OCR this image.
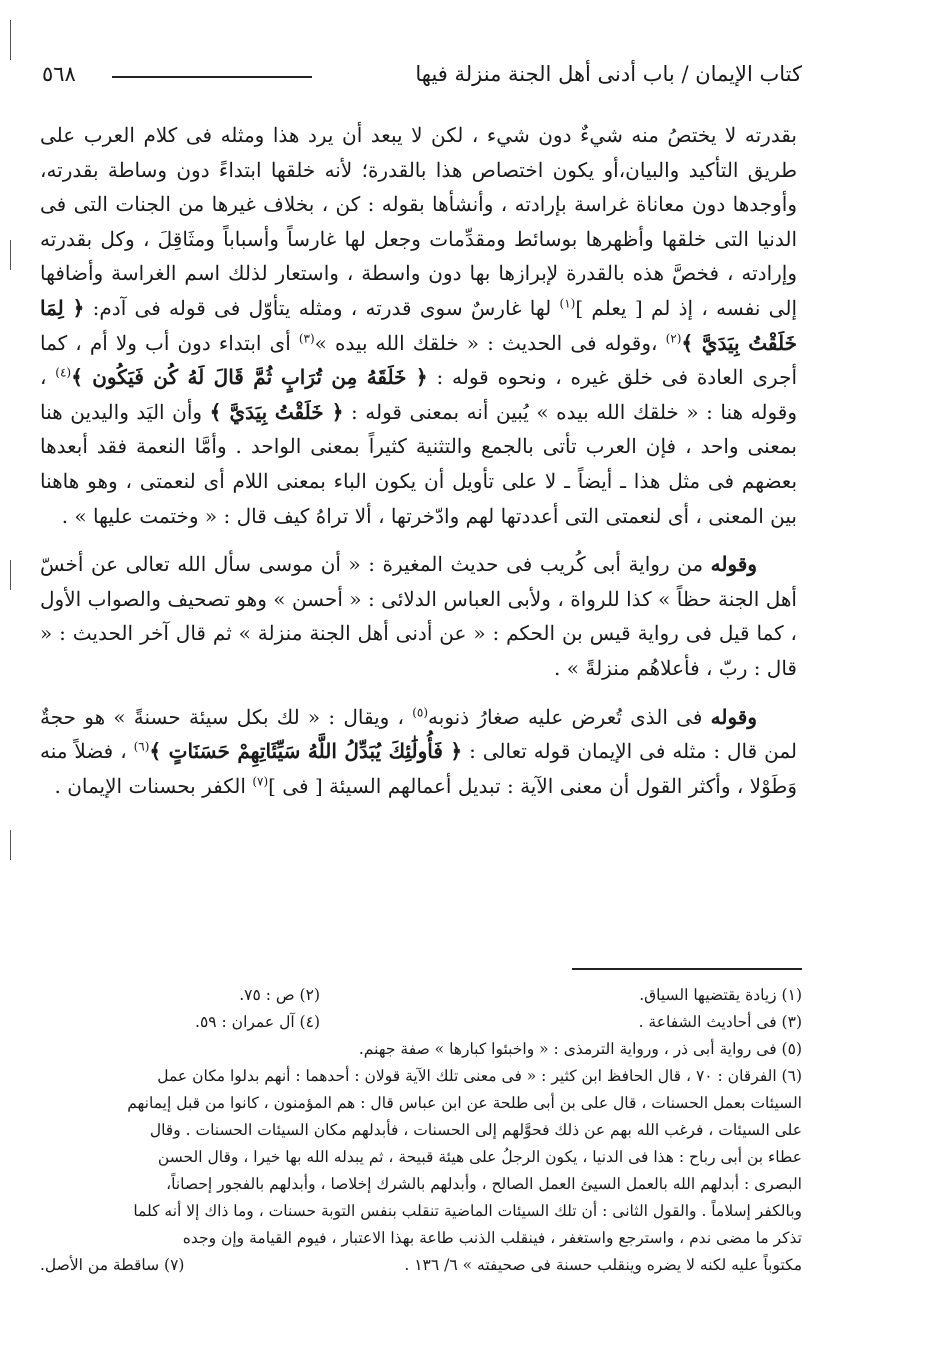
كتاب الإيمان / باب أدنى أهل الجنة منزلة فيها
٥٦٨

بقدرته لا يختصُ منه شيءٌ دون شيء ، لكن لا يبعد أن يرد هذا ومثله فى كلام العرب على طريق التأكيد والبيان،أو يكون اختصاص هذا بالقدرة؛ لأنه خلقها ابتداءً دون وساطة بقدرته، وأوجدها دون معاناة غراسة بإرادته ، وأنشأها بقوله : كن ، بخلاف غيرها من الجنات التى فى الدنيا التى خلقها وأظهرها بوسائط ومقدِّمات وجعل لها غارساً وأسباباً ومثَاقِلَ ، وكل بقدرته وإرادته ، فخصَّ هذه بالقدرة لإبرازها بها دون واسطة ، واستعار لذلك اسم الغراسة وأضافها إلى نفسه ، إذ لم [ يعلم ]$^{(١)}$ لها غارسٌ سوى قدرته ، ومثله يتأوّل فى قوله فى آدم: ﴿ لِمَا خَلَقْتُ بِيَدَيَّ ﴾$^{(٢)}$ ،وقوله فى الحديث : « خلقك الله بيده »$^{(٣)}$ أى ابتداء دون أب ولا أم ، كما أجرى العادة فى خلق غيره ، ونحوه قوله : ﴿ خَلَقَهُ مِن تُرَابٍ ثُمَّ قَالَ لَهُ كُن فَيَكُون ﴾$^{(٤)}$ ، وقوله هنا : « خلقك الله بيده » يُبين أنه بمعنى قوله : ﴿ خَلَقْتُ بِيَدَيَّ ﴾ وأن اليَد واليدين هنا بمعنى واحد ، فإن العرب تأتى بالجمع والتثنية كثيراً بمعنى الواحد . وأمَّا النعمة فقد أبعدها بعضهم فى مثل هذا ـ أيضاً ـ لا على تأويل أن يكون الباء بمعنى اللام أى لنعمتى ، وهو هاهنا بين المعنى ، أى لنعمتى التى أعددتها لهم وادّخرتها ، ألا تراهُ كيف قال : « وختمت عليها » .

وقوله من رواية أبى كُريب فى حديث المغيرة : « أن موسى سأل الله تعالى عن أخسّ أهل الجنة حظاً » كذا للرواة ، ولأبى العباس الدلائى : « أحسن » وهو تصحيف والصواب الأول ، كما قيل فى رواية قيس بن الحكم : « عن أدنى أهل الجنة منزلة » ثم قال آخر الحديث : « قال : ربّ ، فأعلاهُم منزلةً » .

وقوله فى الذى تُعرض عليه صغارُ ذنوبه$^{(٥)}$ ، ويقال : « لك بكل سيئة حسنةً » هو حجةٌ لمن قال : مثله فى الإيمان قوله تعالى : ﴿ فَأُولَٰئِكَ يُبَدِّلُ اللَّهُ سَيِّئَاتِهِمْ حَسَنَاتٍ ﴾$^{(٦)}$ ، فضلاً منه وَطَوْلا ، وأكثر القول أن معنى الآية : تبديل أعمالهم السيئة [ فى ]$^{(٧)}$ الكفر بحسنات الإيمان .

(١) زيادة يقتضيها السياق.
(٢) ص : ٧٥.
(٣) فى أحاديث الشفاعة .
(٤) آل عمران : ٥٩.
(٥) فى رواية أبى ذر ، ورواية الترمذى : « واخبئوا كبارها » صفة جهنم.
(٦) الفرقان : ٧٠ ، قال الحافظ ابن كثير : « فى معنى تلك الآية قولان : أحدهما : أنهم بدلوا مكان عمل
السيئات بعمل الحسنات ، قال على بن أبى طلحة عن ابن عباس قال : هم المؤمنون ، كانوا من قبل إيمانهم
على السيئات ، فرغب الله بهم عن ذلك فحوَّلهم إلى الحسنات ، فأبدلهم مكان السيئات الحسنات . وقال
عطاء بن أبى رباح : هذا فى الدنيا ، يكون الرجلُ على هيئة قبيحة ، ثم يبدله الله بها خيرا ، وقال الحسن
البصرى : أبدلهم الله بالعمل السيئ العمل الصالح ، وأبدلهم بالشرك إخلاصا ، وأبدلهم بالفجور إحصاناً،
وبالكفر إسلاماً . والقول الثانى : أن تلك السيئات الماضية تنقلب بنفس التوبة حسنات ، وما ذاك إلا أنه كلما
تذكر ما مضى ندم ، واسترجع واستغفر ، فينقلب الذنب طاعة بهذا الاعتبار ، فيوم القيامة وإن وجده
مكتوباً عليه لكنه لا يضره وينقلب حسنة فى صحيفته » ٦/ ١٣٦ .
(٧) ساقطة من الأصل.
